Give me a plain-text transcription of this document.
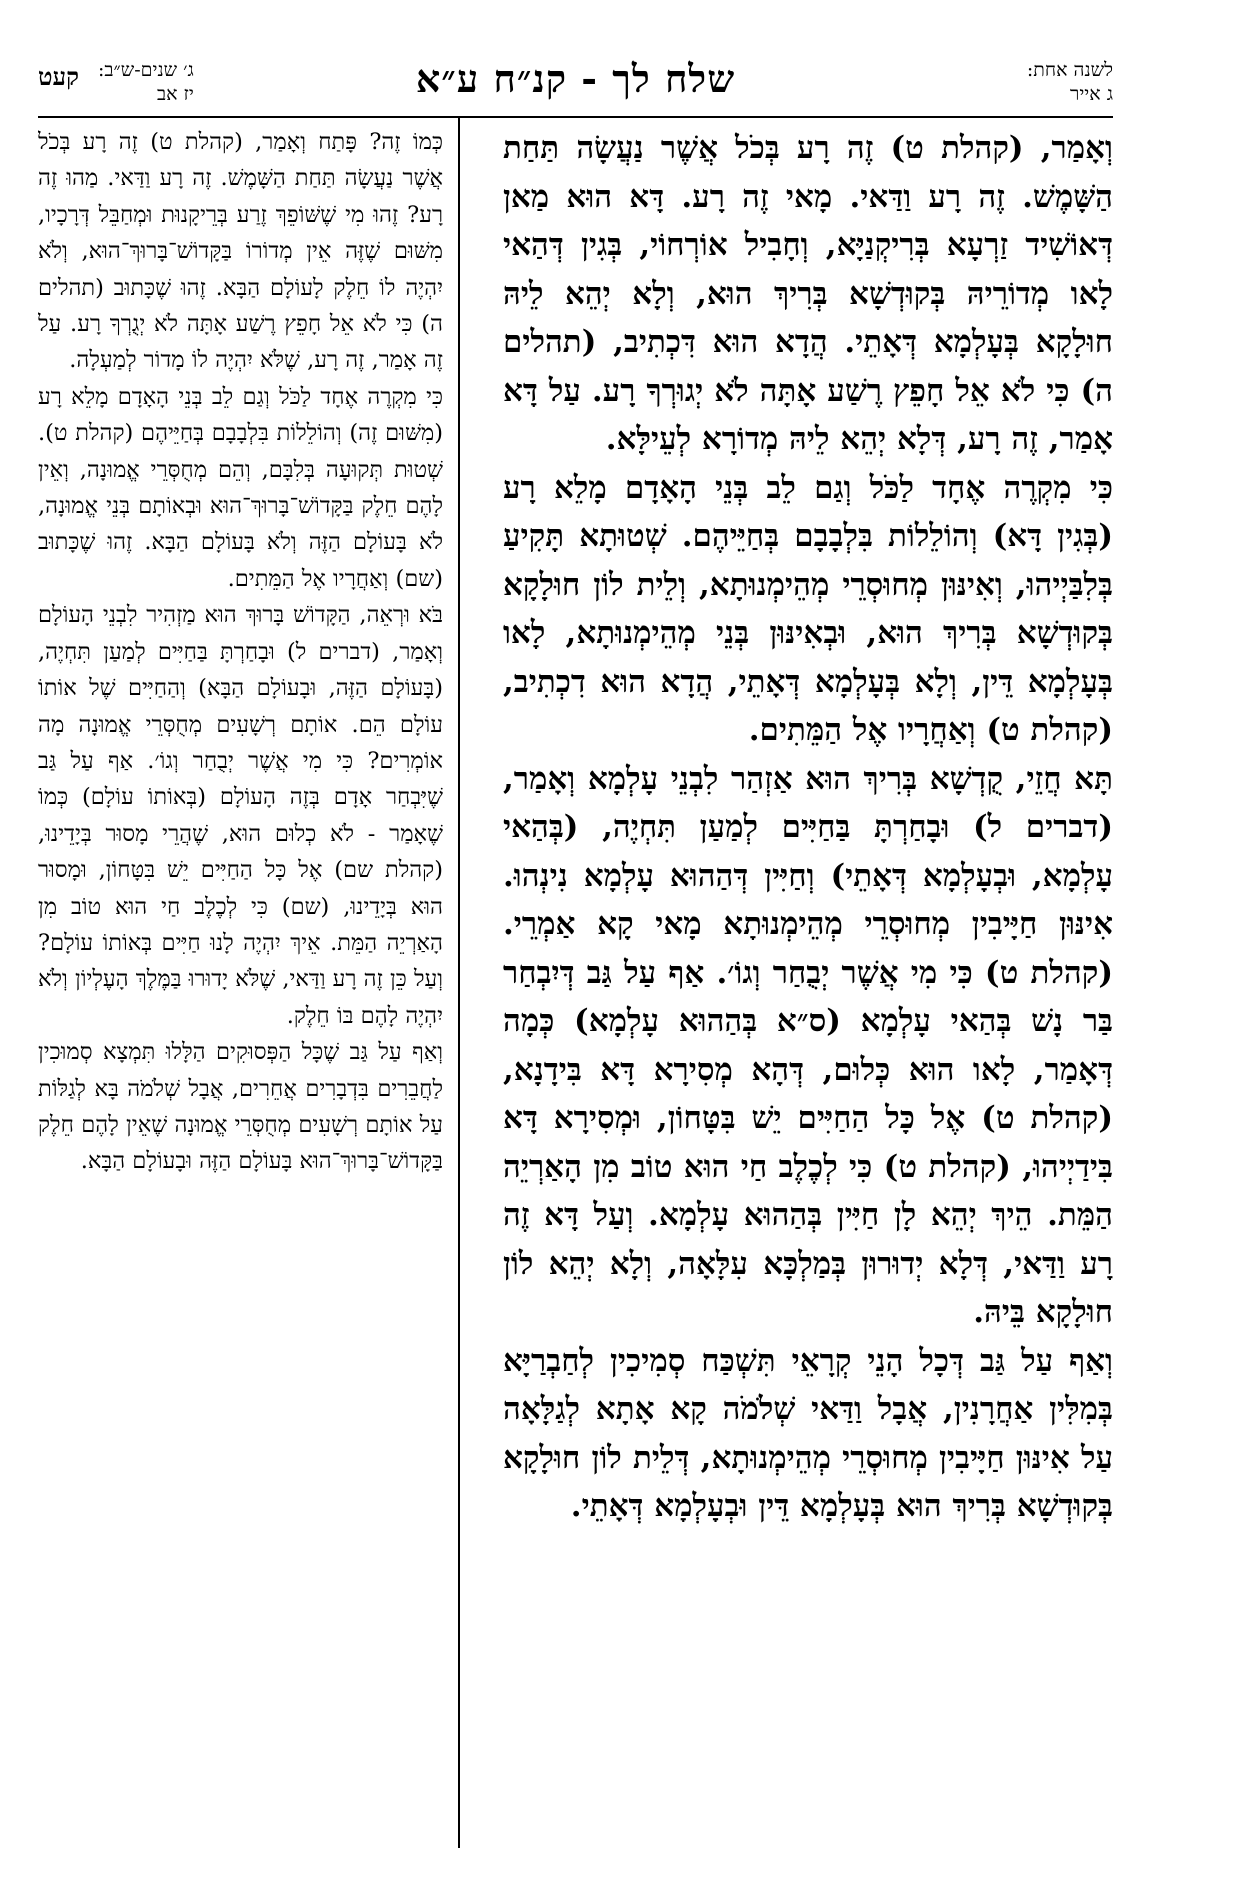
לשנה אחת:
ג אייר
שלח לך - קנ״ח ע״א
ג׳ שנים-ש״ב:
יז אב
קעט

וְאָמַר, (קהלת ט) זֶה רָע בְּכֹל אֲשֶׁר נַעֲשָׂה תַּחַת הַשָּׁמֶשׁ. זֶה רָע וַדַּאי. מָאי זֶה רָע. דָּא הוּא מַאן דְּאוֹשִׁיד זַרְעָא בְּרִיקְנַיָּא, וְחָבִיל אוֹרְחוֹי, בְּגִין דְּהַאי לָאו מְדוֹרֵיהּ בְּקוּדְשָׁא בְּרִיךְ הוּא, וְלָא יְהֵא לֵיהּ חוּלָקָא בְּעָלְמָא דְּאָתֵי. הֲדָא הוּא דִּכְתִיב, (תהלים ה) כִּי לֹא אֵל חָפֵץ רֶשַׁע אָתָּה לֹא יְגוּרְךָ רָע. עַל דָּא אָמַר, זֶה רָע, דְּלָא יְהֵא לֵיהּ מְדוֹרָא לְעֵילָּא.

כִּי מִקְרֶה אֶחָד לַכֹּל וְגַם לֵב בְּנֵי הָאָדָם מָלֵא רָע (בְּגִין דָּא) וְהוֹלֵלוֹת בִּלְבָבָם בְּחַיֵּיהֶם. שְׁטוּתָא תָּקִיעַ בְּלִבַּיְיהוּ, וְאִינּוּן מְחוּסְרֵי מְהֵימְנוּתָא, וְלֵית לוֹן חוּלָקָא בְּקוּדְשָׁא בְּרִיךְ הוּא, וּבְאִינּוּן בְּנֵי מְהֵימְנוּתָא, לָאו בְּעָלְמָא דֵּין, וְלָא בְּעָלְמָא דְּאָתֵי, הֲדָא הוּא דִכְתִיב, (קהלת ט) וְאַחֲרָיו אֶל הַמֵּתִים.

תָּא חֲזֵי, קֻדְשָׁא בְּרִיךְ הוּא אַזְהַר לִבְנֵי עָלְמָא וְאָמַר, (דברים ל) וּבָחַרְתָּ בַּחַיִּים לְמַעַן תִּחְיֶה, (בְּהַאי עָלְמָא, וּבְעָלְמָא דְּאָתֵי) וְחַיִּין דְּהַהוּא עָלְמָא נִינְהוּ. אִינּוּן חַיָּיבִין מְחוּסְרֵי מְהֵימְנוּתָא מָאי קָא אַמְרֵי. (קהלת ט) כִּי מִי אֲשֶׁר יְבֻחַר וְגוֹ׳. אַף עַל גַּב דְּיִבְחַר בַּר נָשׁ בְּהַאי עָלְמָא (ס״א בְּהַהוּא עָלְמָא) כְּמָה דְּאָמַר, לָאו הוּא כְּלוּם, דְּהָא מְסִירָא דָּא בִּידָנָא, (קהלת ט) אֶל כָּל הַחַיִּים יֵשׁ בִּטָּחוֹן, וּמְסִירָא דָּא בִּידַיְיהוּ, (קהלת ט) כִּי לְכֶלֶב חַי הוּא טוֹב מִן הָאַרְיֵה הַמֵּת. הֵיךְ יְהֵא לָן חַיִּין בְּהַהוּא עָלְמָא. וְעַל דָּא זֶה רָע וַדַּאי, דְּלָא יְדוּרוּן בְּמַלְכָּא עִלָּאָה, וְלָא יְהֵא לוֹן חוּלָקָא בֵּיהּ.

וְאַף עַל גַּב דְּכָל הָנֵי קְרָאֵי תִּשְׁכַּח סְמִיכִין לְחַבְרַיָּא בְּמִלִּין אַחֲרָנִין, אֲבָל וַדַּאי שְׁלֹמֹה קָא אָתָא לְגַלָּאָה עַל אִינּוּן חַיָּיבִין מְחוּסְרֵי מְהֵימְנוּתָא, דְּלֵית לוֹן חוּלָקָא בְּקוּדְשָׁא בְּרִיךְ הוּא בְּעָלְמָא דֵּין וּבְעָלְמָא דְּאָתֵי.

כְּמוֹ זֶה? פָּתַח וְאָמַר, (קהלת ט) זֶה רָע בְּכֹל אֲשֶׁר נַעֲשָׂה תַּחַת הַשָּׁמֶשׁ. זֶה רָע וַדַּאי. מַהוּ זֶה רָע? זֶהוּ מִי שֶׁשּׁוֹפֵךְ זֶרַע בְּרֵיקָנוּת וּמְחַבֵּל דְּרָכָיו, מִשּׁוּם שֶׁזֶּה אֵין מְדוֹרוֹ בַּקָּדוֹשׁ־בָּרוּךְ־הוּא, וְלֹא יִהְיֶה לוֹ חֵלֶק לָעוֹלָם הַבָּא. זֶהוּ שֶׁכָּתוּב (תהלים ה) כִּי לֹא אֵל חָפֵץ רֶשַׁע אָתָּה לֹא יְגֻרְךָ רָע. עַל זֶה אָמַר, זֶה רָע, שֶׁלֹּא יִהְיֶה לוֹ מָדוֹר לְמַעְלָה.

כִּי מִקְרֶה אֶחָד לַכֹּל וְגַם לֵב בְּנֵי הָאָדָם מָלֵא רָע (מִשּׁוּם זֶה) וְהוֹלֵלוֹת בִּלְבָבָם בְּחַיֵּיהֶם (קהלת ט). שְׁטוּת תְּקוּעָה בְּלִבָּם, וְהֵם מְחֻסְּרֵי אֱמוּנָה, וְאֵין לָהֶם חֵלֶק בַּקָּדוֹשׁ־בָּרוּךְ־הוּא וּבְאוֹתָם בְּנֵי אֱמוּנָה, לֹא בָּעוֹלָם הַזֶּה וְלֹא בָּעוֹלָם הַבָּא. זֶהוּ שֶׁכָּתוּב (שם) וְאַחֲרָיו אֶל הַמֵּתִים.

בֹּא וּרְאֵה, הַקָּדוֹשׁ בָּרוּךְ הוּא מַזְהִיר לִבְנֵי הָעוֹלָם וְאָמַר, (דברים ל) וּבָחַרְתָּ בַּחַיִּים לְמַעַן תִּחְיֶה, (בָּעוֹלָם הַזֶּה, וּבָעוֹלָם הַבָּא) וְהַחַיִּים שֶׁל אוֹתוֹ עוֹלָם הֵם. אוֹתָם רְשָׁעִים מְחֻסְּרֵי אֱמוּנָה מָה אוֹמְרִים? כִּי מִי אֲשֶׁר יְבֻחַר וְגוֹ׳. אַף עַל גַּב שֶׁיִּבְחַר אָדָם בְּזֶה הָעוֹלָם (בְּאוֹתוֹ עוֹלָם) כְּמוֹ שֶׁאָמַר - לֹא כְלוּם הוּא, שֶׁהֲרֵי מָסוּר בְּיָדֵינוּ, (קהלת שם) אֶל כָּל הַחַיִּים יֵשׁ בִּטָּחוֹן, וּמָסוּר הוּא בְּיָדֵינוּ, (שם) כִּי לְכֶלֶב חַי הוּא טוֹב מִן הָאַרְיֵה הַמֵּת. אֵיךְ יִהְיֶה לָנוּ חַיִּים בְּאוֹתוֹ עוֹלָם? וְעַל כֵּן זֶה רָע וַדַּאי, שֶׁלֹּא יָדוּרוּ בַּמֶּלֶךְ הָעֶלְיוֹן וְלֹא יִהְיֶה לָהֶם בּוֹ חֵלֶק.

וְאַף עַל גַּב שֶׁכָּל הַפְּסוּקִים הַלָּלוּ תִּמְצָא סְמוּכִין לַחֲבֵרִים בִּדְבָרִים אֲחֵרִים, אֲבָל שְׁלֹמֹה בָּא לְגַלּוֹת עַל אוֹתָם רְשָׁעִים מְחֻסְּרֵי אֱמוּנָה שֶׁאֵין לָהֶם חֵלֶק בַּקָּדוֹשׁ־בָּרוּךְ־הוּא בָּעוֹלָם הַזֶּה וּבָעוֹלָם הַבָּא.
